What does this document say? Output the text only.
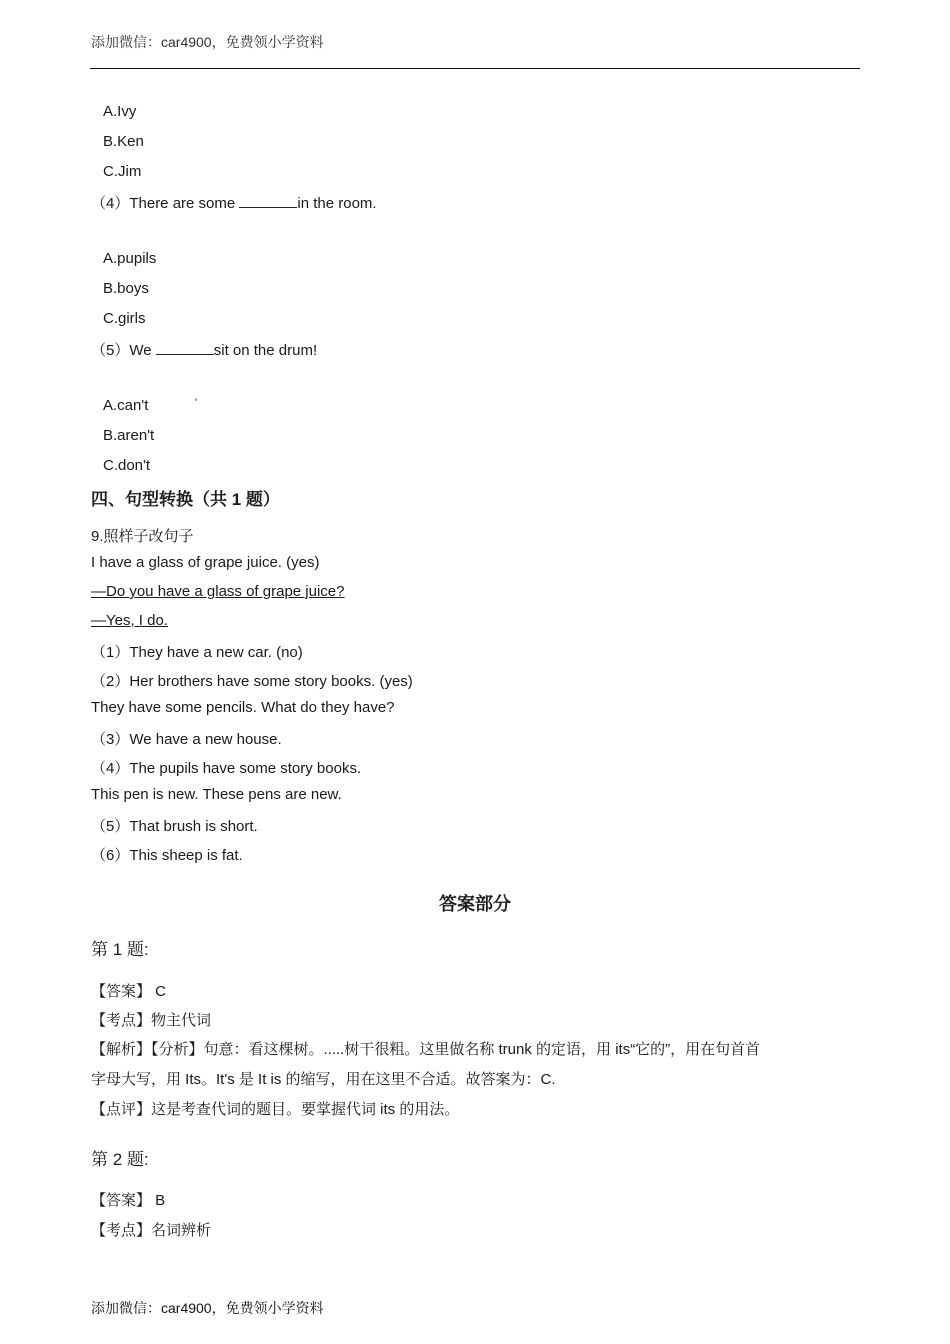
添加微信：car4900，免费领小学资料
A.Ivy
B.Ken
C.Jim
（4）There are some	in the room.
A.pupils
B.boys
C.girls
（5）We	sit on the drum!
A.can't	'
B.aren't
C.don't
四、句型转换（共 1 题）
9.照样子改句子
I have a glass of grape juice. (yes)
—Do you have a glass of grape juice?
—Yes, I do.
（1）They have a new car. (no)
（2）Her brothers have some story books. (yes)
They have some pencils. What do they have?
（3）We have a new house.
（4）The pupils have some story books.
This pen is new. These pens are new.
（5）That brush is short.
（6）This sheep is fat.
答案部分
第 1 题:
【答案】 C
【考点】物主代词
【解析】【分析】句意：看这棵树。.....树干很粗。这里做名称 trunk 的定语，用 its“它的”，用在句首首
字母大写，用 Its。It's 是 It is 的缩写，用在这里不合适。故答案为：C.
【点评】这是考查代词的题目。要掌握代词 its 的用法。
第 2 题:
【答案】 B
【考点】名词辨析
添加微信：car4900，免费领小学资料
